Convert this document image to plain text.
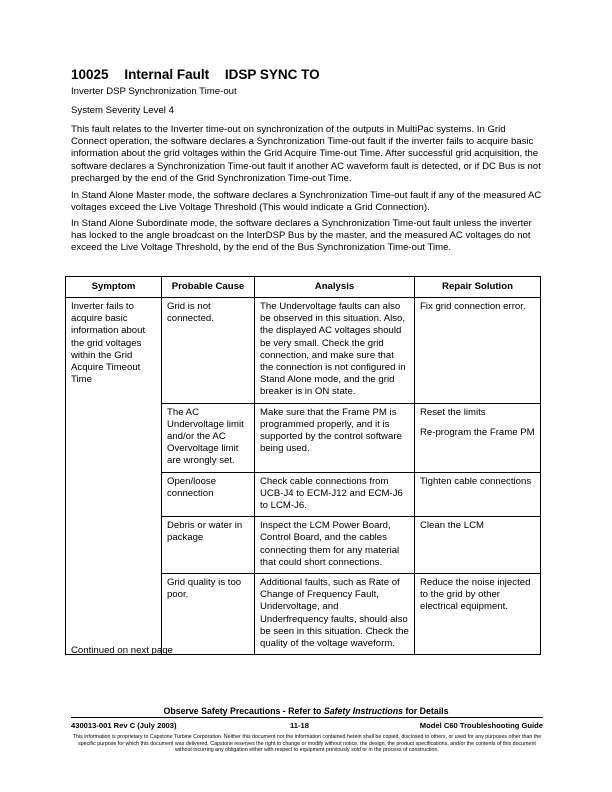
10025 Internal Fault IDSP SYNC TO
Inverter DSP Synchronization Time-out
System Severity Level 4
This fault relates to the Inverter time-out on synchronization of the outputs in MultiPac systems. In Grid Connect operation, the software declares a Synchronization Time-out fault if the inverter fails to acquire basic information about the grid voltages within the Grid Acquire Time-out Time. After successful grid acquisition, the software declares a Synchronization Time-out fault if another AC waveform fault is detected, or if DC Bus is not precharged by the end of the Grid Synchronization Time-out Time.
In Stand Alone Master mode, the software declares a Synchronization Time-out fault if any of the measured AC voltages exceed the Live Voltage Threshold (This would indicate a Grid Connection).
In Stand Alone Subordinate mode, the software declares a Synchronization Time-out fault unless the inverter has locked to the angle broadcast on the InterDSP Bus by the master, and the measured AC voltages do not exceed the Live Voltage Threshold, by the end of the Bus Synchronization Time-out Time.
Symptom	Probable Cause	Analysis	Repair Solution
Inverter fails to acquire basic information about the grid voltages within the Grid Acquire Timeout Time	Grid is not connected.	The Undervoltage faults can also be observed in this situation. Also, the displayed AC voltages should be very small. Check the grid connection, and make sure that the connection is not configured in Stand Alone mode, and the grid breaker is in ON state.	Fix grid connection error.

	The AC Undervoltage limit and/or the AC Overvoltage limit are wrongly set.	Make sure that the Frame PM is programmed properly, and it is supported by the control software being used.	Reset the limits

Re-program the Frame PM

	Open/loose connection	Check cable connections from UCB-J4 to ECM-J12 and ECM-J6 to LCM-J6.	Tighten cable connections

	Debris or water in package	Inspect the LCM Power Board, Control Board, and the cables connecting them for any material that could short connections.	Clean the LCM

	Grid quality is too poor.	Additional faults, such as Rate of Change of Frequency Fault, Undervoltage, and Underfrequency faults, should also be seen in this situation. Check the quality of the voltage waveform.	Reduce the noise injected to the grid by other electrical equipment.

Continued on next page
Observe Safety Precautions - Refer to Safety Instructions for Details
430013-001 Rev C (July 2003)	11-18	Model C60 Troubleshooting Guide
This information is proprietary to Capstone Turbine Corporation. Neither this document nor the information contained herein shall be copied, disclosed to others, or used for any purposes other than the specific purpose for which this document was delivered. Capstone reserves the right to change or modify without notice, the design, the product specifications, and/or the contents of this document without incurring any obligation either with respect to equipment previously sold or in the process of construction.
